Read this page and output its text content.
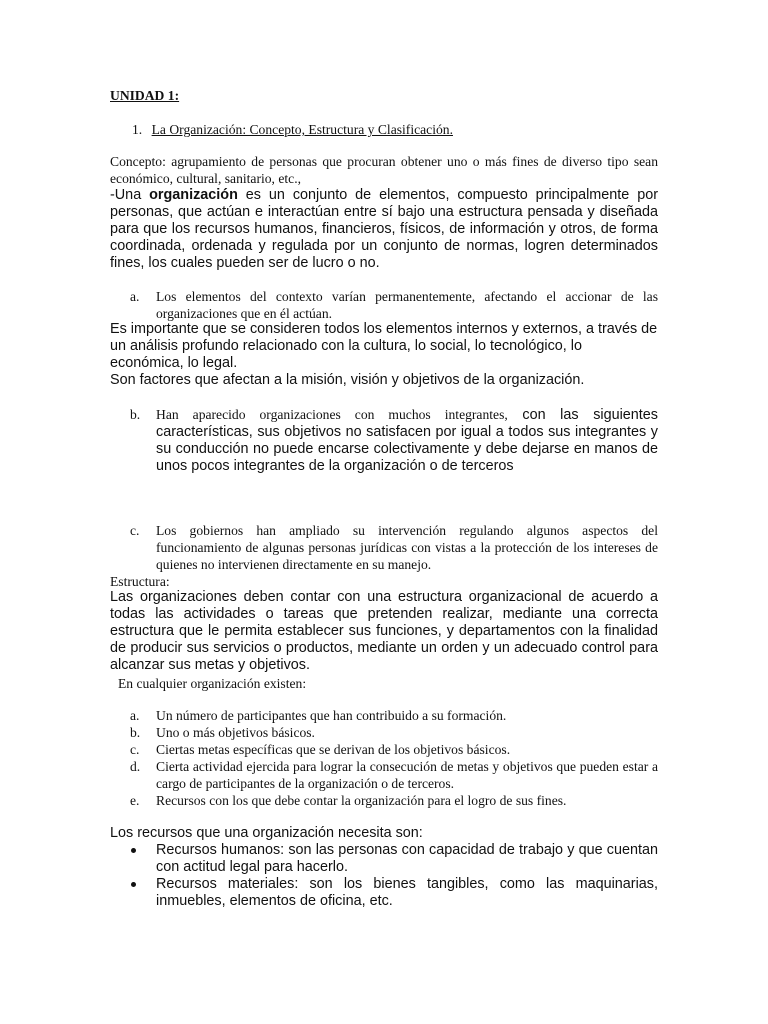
UNIDAD 1:
1. La Organización: Concepto, Estructura y Clasificación.
Concepto: agrupamiento de personas que procuran obtener uno o más fines de diverso tipo sean económico, cultural, sanitario, etc.,
-Una organización es un conjunto de elementos, compuesto principalmente por personas, que actúan e interactúan entre sí bajo una estructura pensada y diseñada para que los recursos humanos, financieros, físicos, de información y otros, de forma coordinada, ordenada y regulada por un conjunto de normas, logren determinados fines, los cuales pueden ser de lucro o no.
a. Los elementos del contexto varían permanentemente, afectando el accionar de las organizaciones que en él actúan.
Es importante que se consideren todos los elementos internos y externos, a través de un análisis profundo relacionado con la cultura, lo social, lo tecnológico, lo económica, lo legal.
Son factores que afectan a la misión, visión y objetivos de la organización.
b. Han aparecido organizaciones con muchos integrantes, con las siguientes características, sus objetivos no satisfacen por igual a todos sus integrantes y su conducción no puede encarse colectivamente y debe dejarse en manos de unos pocos integrantes de la organización o de terceros
c. Los gobiernos han ampliado su intervención regulando algunos aspectos del funcionamiento de algunas personas jurídicas con vistas a la protección de los intereses de quienes no intervienen directamente en su manejo.
Estructura:
Las organizaciones deben contar con una estructura organizacional de acuerdo a todas las actividades o tareas que pretenden realizar, mediante una correcta estructura que le permita establecer sus funciones, y departamentos con la finalidad de producir sus servicios o productos, mediante un orden y un adecuado control para alcanzar sus metas y objetivos.
En cualquier organización existen:
a. Un número de participantes que han contribuido a su formación.
b. Uno o más objetivos básicos.
c. Ciertas metas específicas que se derivan de los objetivos básicos.
d. Cierta actividad ejercida para lograr la consecución de metas y objetivos que pueden estar a cargo de participantes de la organización o de terceros.
e. Recursos con los que debe contar la organización para el logro de sus fines.
Los recursos que una organización necesita son:
Recursos humanos: son las personas con capacidad de trabajo y que cuentan con actitud legal para hacerlo.
Recursos materiales: son los bienes tangibles, como las maquinarias, inmuebles, elementos de oficina, etc.
